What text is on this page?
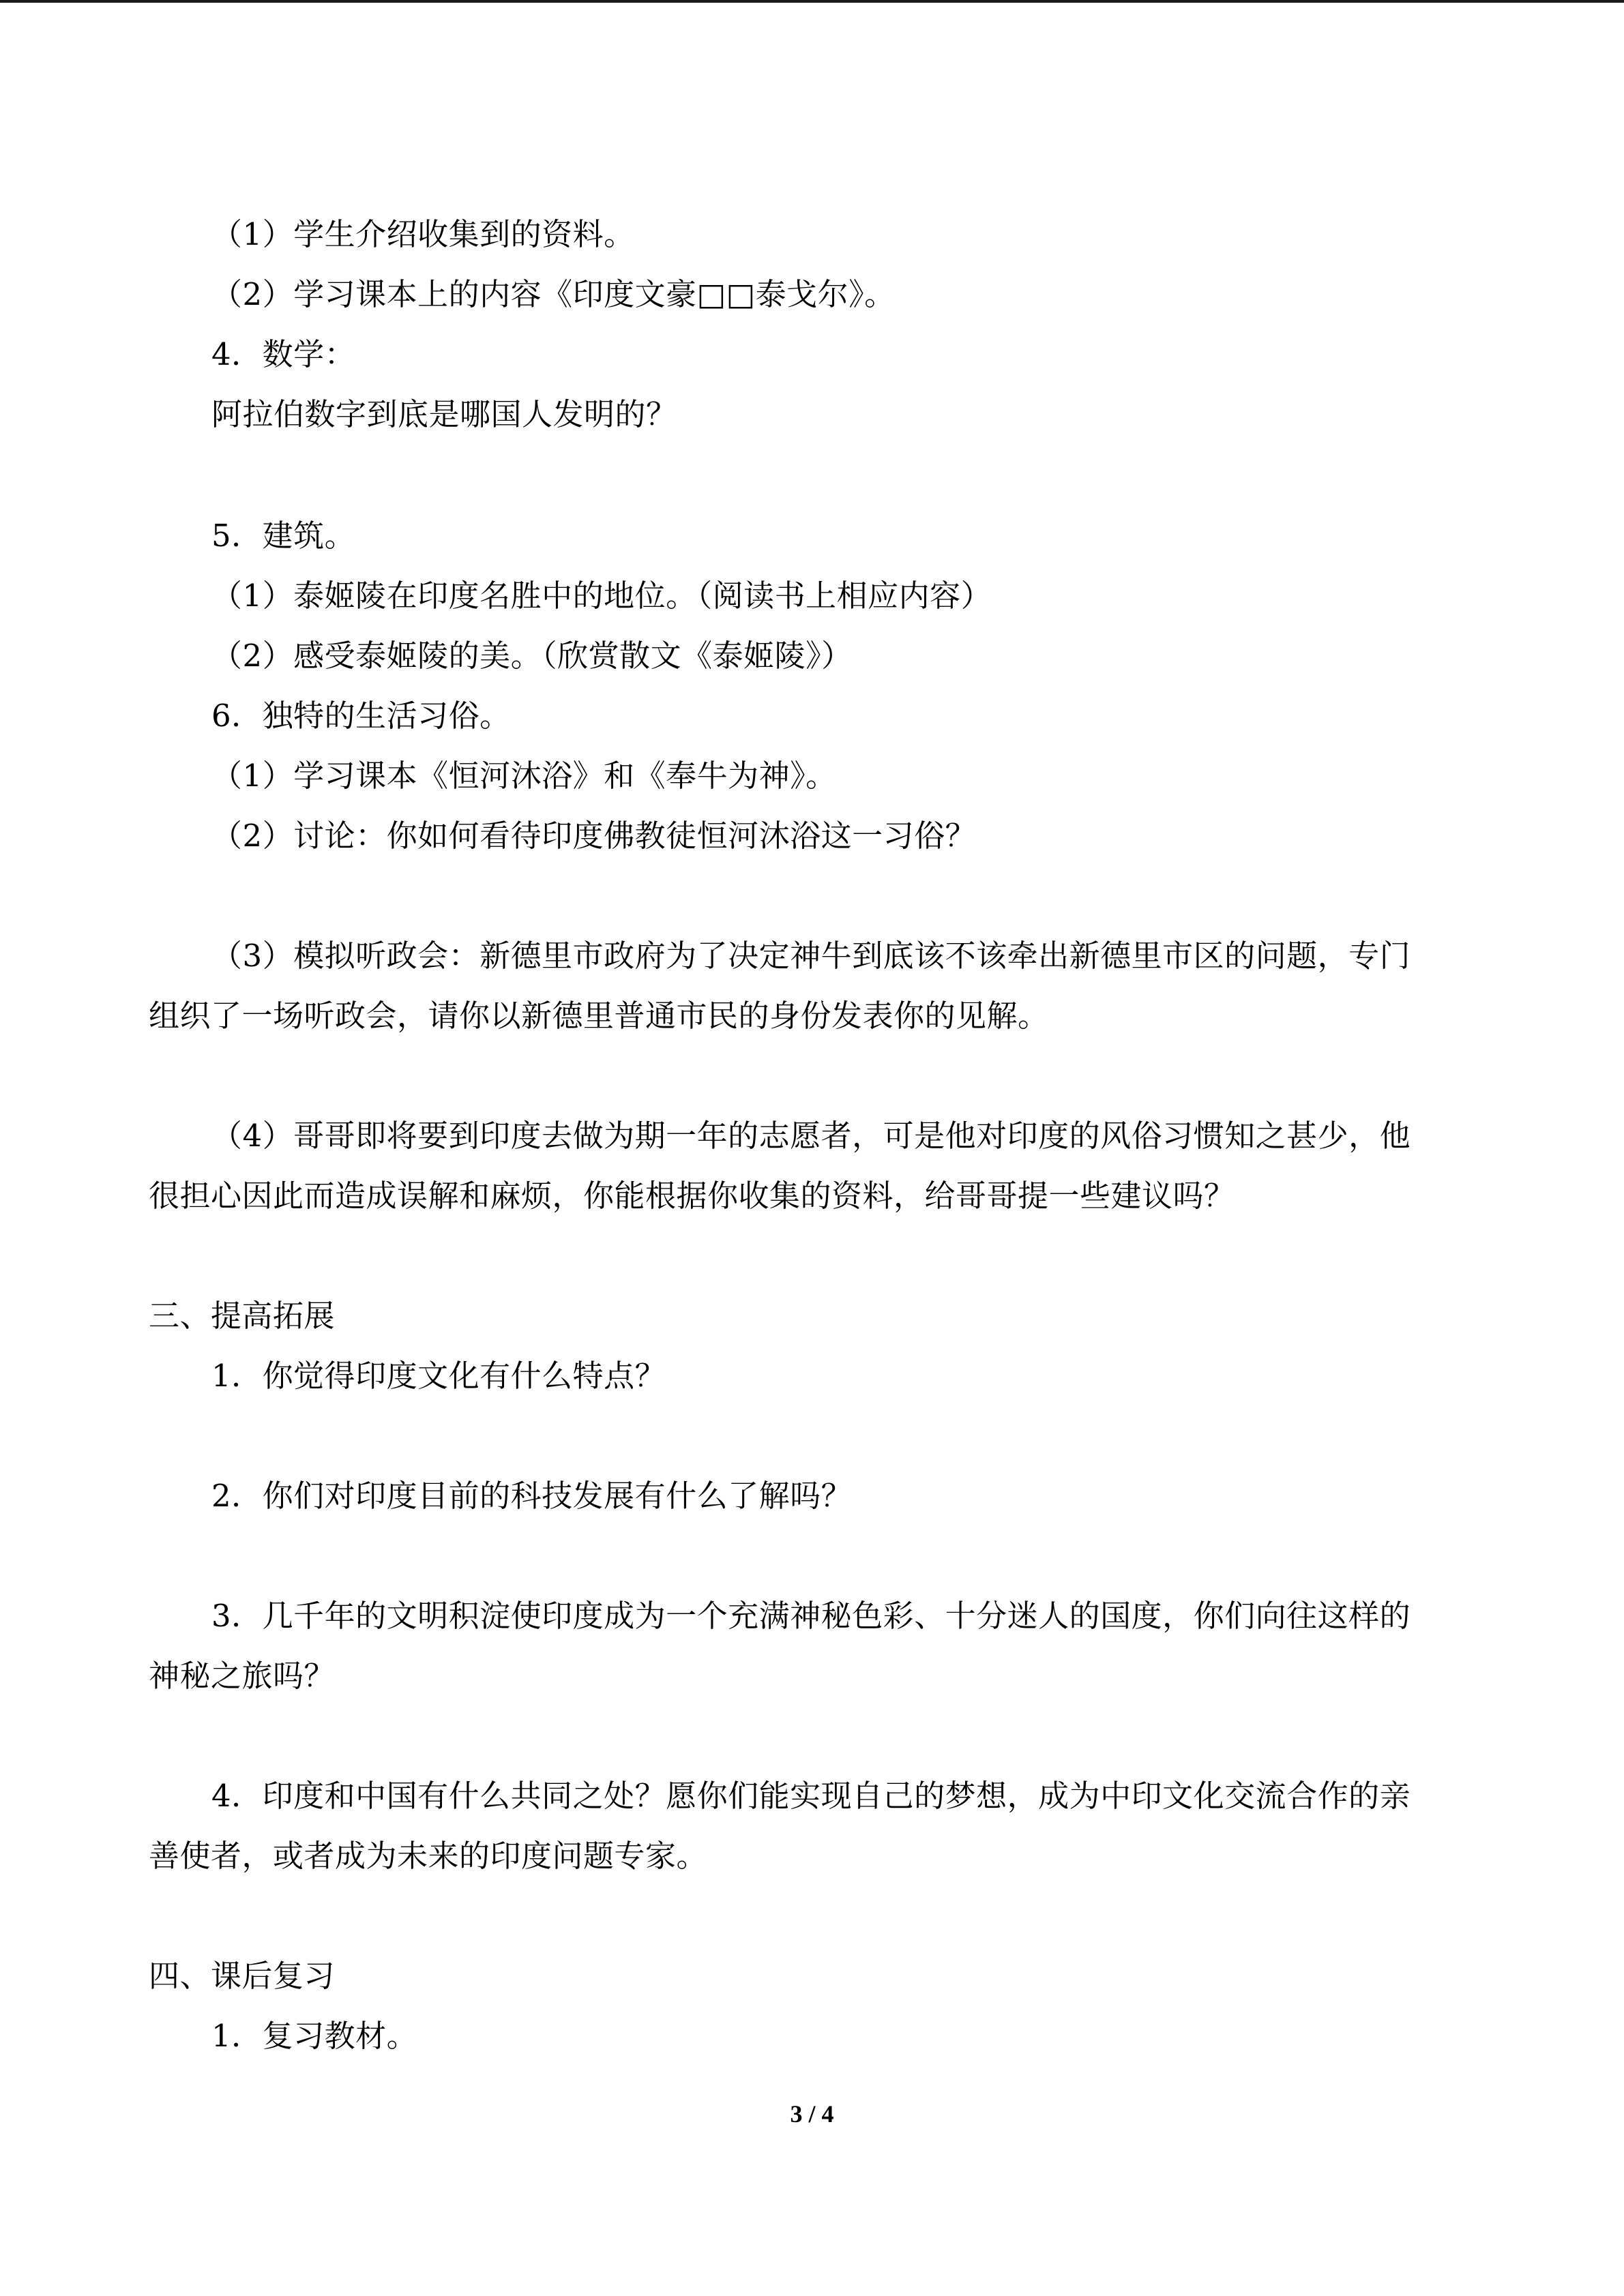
（1）学生介绍收集到的资料。
（2）学习课本上的内容《印度文豪□□泰戈尔》。
4．数学：
阿拉伯数字到底是哪国人发明的？
5．建筑。
（1）泰姬陵在印度名胜中的地位。（阅读书上相应内容）
（2）感受泰姬陵的美。（欣赏散文《泰姬陵》）
6．独特的生活习俗。
（1）学习课本《恒河沐浴》和《奉牛为神》。
（2）讨论：你如何看待印度佛教徒恒河沐浴这一习俗？
（3）模拟听政会：新德里市政府为了决定神牛到底该不该牵出新德里市区的问题，专门
组织了一场听政会，请你以新德里普通市民的身份发表你的见解。
（4）哥哥即将要到印度去做为期一年的志愿者，可是他对印度的风俗习惯知之甚少，他
很担心因此而造成误解和麻烦，你能根据你收集的资料，给哥哥提一些建议吗？
三、提高拓展
1．你觉得印度文化有什么特点？
2．你们对印度目前的科技发展有什么了解吗？
3．几千年的文明积淀使印度成为一个充满神秘色彩、十分迷人的国度，你们向往这样的
神秘之旅吗？
4．印度和中国有什么共同之处？愿你们能实现自己的梦想，成为中印文化交流合作的亲
善使者，或者成为未来的印度问题专家。
四、课后复习
1．复习教材。
3 / 4
